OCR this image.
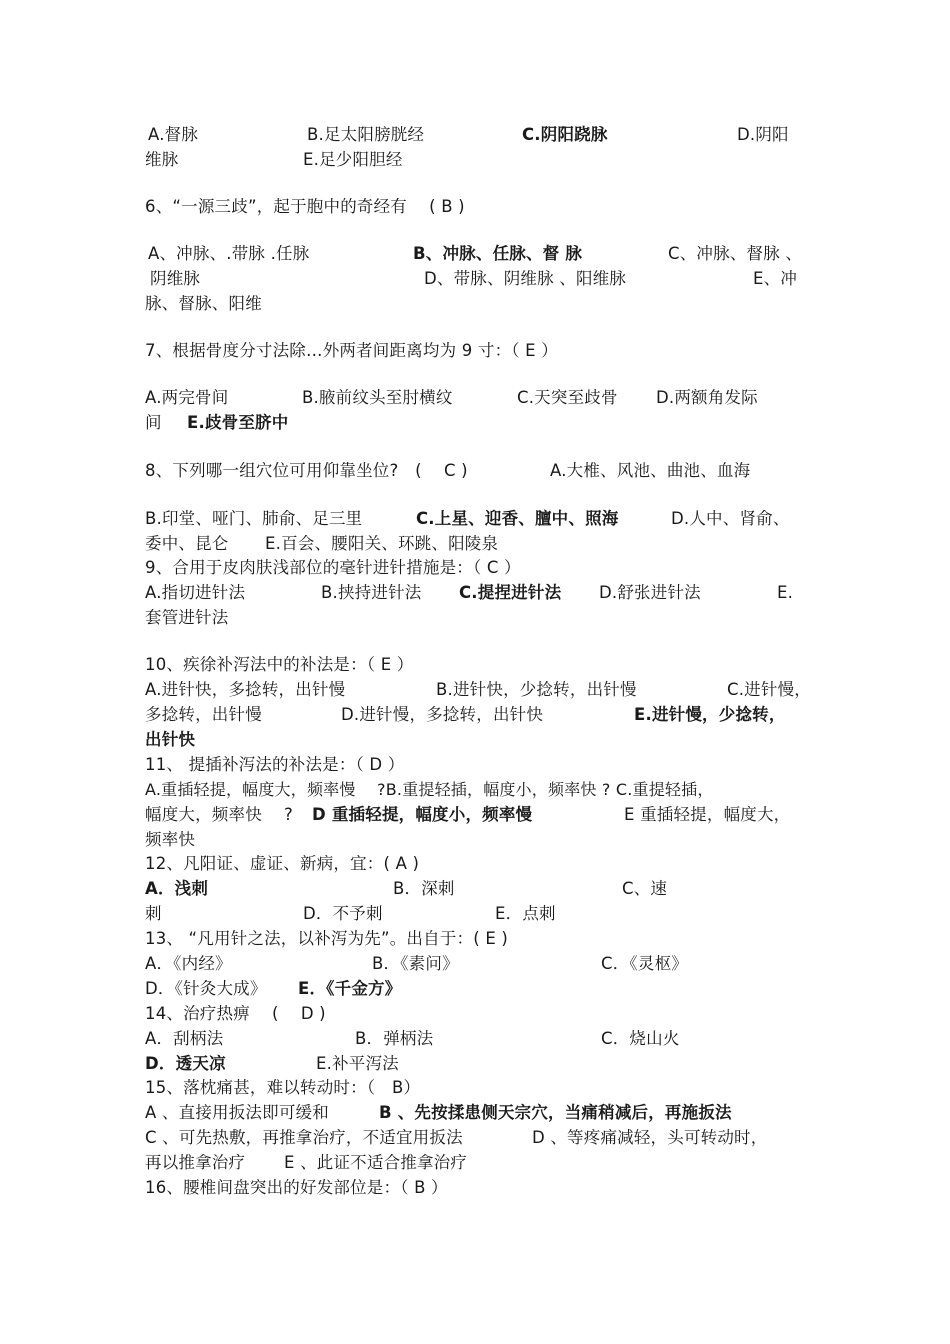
A.督脉	B.足太阳膀胱经	C.阴阳跷脉	D.阴阳
维脉	E.足少阳胆经
6、“一源三歧”，起于胞中的奇经有　 ( B )
A、冲脉、.带脉 .任脉	B、冲脉、任脉、督 脉	C、冲脉、督脉 、
阴维脉	D、带脉、阴维脉 、阳维脉	E、冲
脉、督脉、阳维
7、根据骨度分寸法除…外两者间距离均为 9 寸：（ E ）
A.两完骨间	B.腋前纹头至肘横纹	C.天突至歧骨 D.两额角发际
间 E.歧骨至脐中
8、下列哪一组穴位可用仰靠坐位?　(　 C )	A.大椎、风池、曲池、血海
B.印堂、哑门、肺俞、足三里	C.上星、迎香、膻中、照海	D.人中、肾俞、
委中、昆仑 E.百会、腰阳关、环跳、阳陵泉
9、合用于皮肉肤浅部位的毫针进针措施是：（ C ）
A.指切进针法	B.挟持进针法 C.提捏进针法 D.舒张进针法	E.
套管进针法
10、疾徐补泻法中的补法是：（ E ）
A.进针快，多捻转，出针慢	B.进针快，少捻转，出针慢	C.进针慢，
多捻转，出针慢	D.进针慢，多捻转，出针快	E.进针慢，少捻转，
出针快
11、 提插补泻法的补法是：（ D ）
A.重插轻提，幅度大，频率慢　 ?B.重提轻插，幅度小，频率快 ? C.重提轻插，
幅度大，频率快　 ? D 重插轻提，幅度小，频率慢	E 重插轻提，幅度大，
频率快
12、凡阳证、虚证、新病，宜：( A )
A．浅刺	B．深刺	C、速
刺	D．不予刺	E．点刺
13、 “凡用针之法，以补泻为先”。出自于：( E )
A．《内经》	B．《素问》	C．《灵枢》
D．《针灸大成》 E．《千金方》
14、治疗热痹　 (　 D )
A．刮柄法	B．弹柄法	C．烧山火
D．透天凉	E.补平泻法
15、落枕痛甚，难以转动时：（　B）
A 、直接用扳法即可缓和	B 、先按揉患侧天宗穴，当痛稍减后，再施扳法
C 、可先热敷，再推拿治疗，不适宜用扳法	D 、等疼痛减轻，头可转动时，
再以推拿治疗 E 、此证不适合推拿治疗
16、腰椎间盘突出的好发部位是：（ B ）
